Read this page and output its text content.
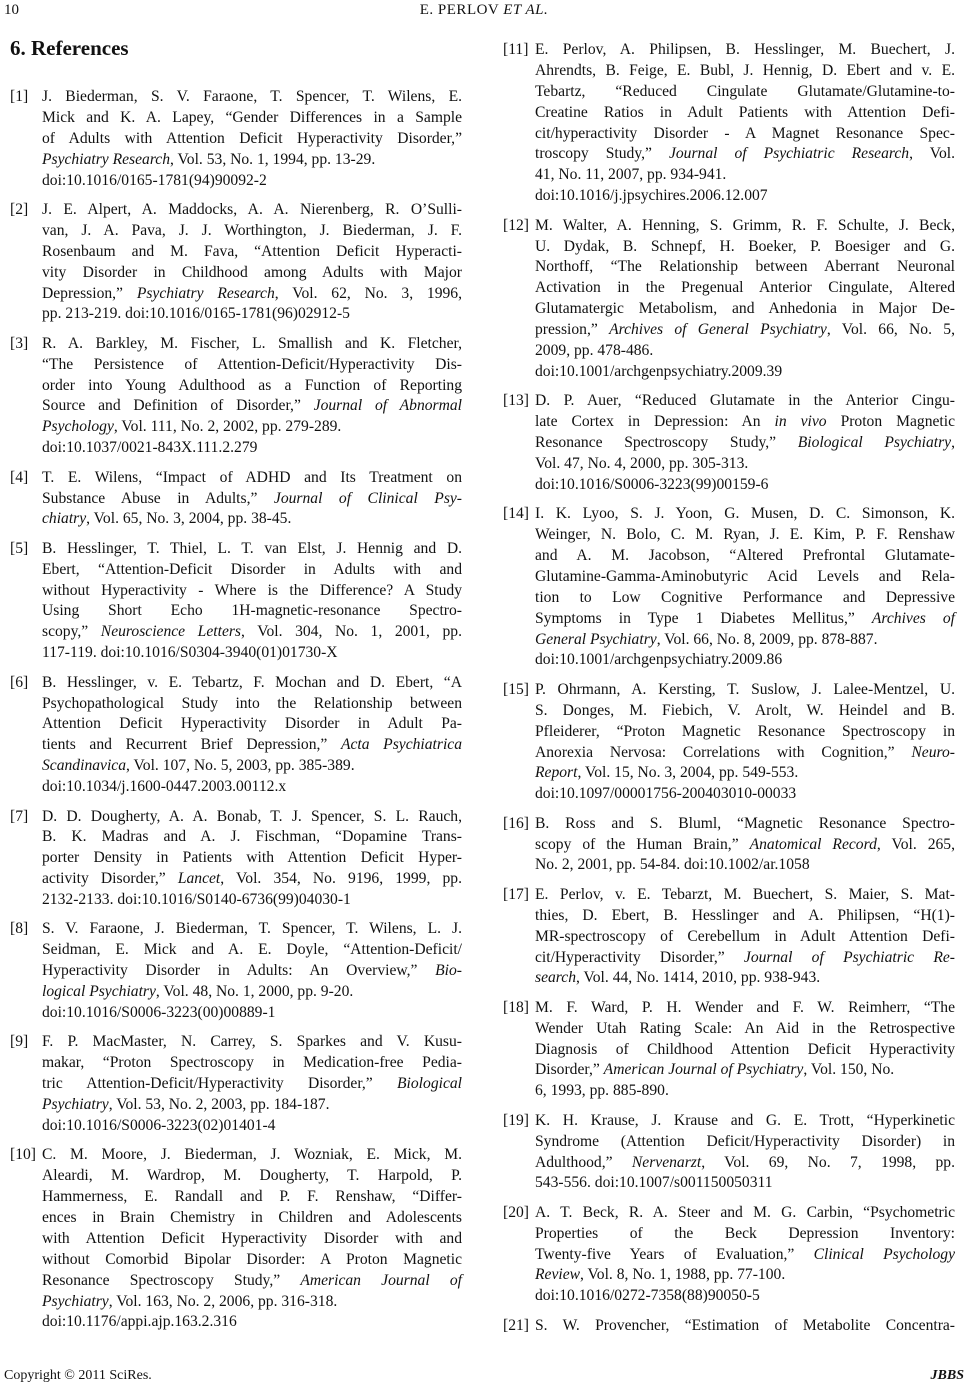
10	E. PERLOV ET AL.
6. References
[1] J. Biederman, S. V. Faraone, T. Spencer, T. Wilens, E.
Mick and K. A. Lapey, “Gender Differences in a Sample
of Adults with Attention Deficit Hyperactivity Disorder,”
Psychiatry Research, Vol. 53, No. 1, 1994, pp. 13-29.
doi:10.1016/0165-1781(94)90092-2
[2] J. E. Alpert, A. Maddocks, A. A. Nierenberg, R. O’Sulli-
van, J. A. Pava, J. J. Worthington, J. Biederman, J. F.
Rosenbaum and M. Fava, “Attention Deficit Hyperacti-
vity Disorder in Childhood among Adults with Major
Depression,” Psychiatry Research, Vol. 62, No. 3, 1996,
pp. 213-219. doi:10.1016/0165-1781(96)02912-5
[3] R. A. Barkley, M. Fischer, L. Smallish and K. Fletcher,
“The Persistence of Attention-Deficit/Hyperactivity Dis-
order into Young Adulthood as a Function of Reporting
Source and Definition of Disorder,” Journal of Abnormal
Psychology, Vol. 111, No. 2, 2002, pp. 279-289.
doi:10.1037/0021-843X.111.2.279
[4] T. E. Wilens, “Impact of ADHD and Its Treatment on
Substance Abuse in Adults,” Journal of Clinical Psy-
chiatry, Vol. 65, No. 3, 2004, pp. 38-45.
[5] B. Hesslinger, T. Thiel, L. T. van Elst, J. Hennig and D.
Ebert, “Attention-Deficit Disorder in Adults with and
without Hyperactivity - Where is the Difference? A Study
Using Short Echo 1H-magnetic-resonance Spectro-
scopy,” Neuroscience Letters, Vol. 304, No. 1, 2001, pp.
117-119. doi:10.1016/S0304-3940(01)01730-X
[6] B. Hesslinger, v. E. Tebartz, F. Mochan and D. Ebert, “A
Psychopathological Study into the Relationship between
Attention Deficit Hyperactivity Disorder in Adult Pa-
tients and Recurrent Brief Depression,” Acta Psychiatrica
Scandinavica, Vol. 107, No. 5, 2003, pp. 385-389.
doi:10.1034/j.1600-0447.2003.00112.x
[7] D. D. Dougherty, A. A. Bonab, T. J. Spencer, S. L. Rauch,
B. K. Madras and A. J. Fischman, “Dopamine Trans-
porter Density in Patients with Attention Deficit Hyper-
activity Disorder,” Lancet, Vol. 354, No. 9196, 1999, pp.
2132-2133. doi:10.1016/S0140-6736(99)04030-1
[8] S. V. Faraone, J. Biederman, T. Spencer, T. Wilens, L. J.
Seidman, E. Mick and A. E. Doyle, “Attention-Deficit/
Hyperactivity Disorder in Adults: An Overview,” Bio-
logical Psychiatry, Vol. 48, No. 1, 2000, pp. 9-20.
doi:10.1016/S0006-3223(00)00889-1
[9] F. P. MacMaster, N. Carrey, S. Sparkes and V. Kusu-
makar, “Proton Spectroscopy in Medication-free Pedia-
tric Attention-Deficit/Hyperactivity Disorder,” Biological
Psychiatry, Vol. 53, No. 2, 2003, pp. 184-187.
doi:10.1016/S0006-3223(02)01401-4
[10] C. M. Moore, J. Biederman, J. Wozniak, E. Mick, M.
Aleardi, M. Wardrop, M. Dougherty, T. Harpold, P.
Hammerness, E. Randall and P. F. Renshaw, “Differ-
ences in Brain Chemistry in Children and Adolescents
with Attention Deficit Hyperactivity Disorder with and
without Comorbid Bipolar Disorder: A Proton Magnetic
Resonance Spectroscopy Study,” American Journal of
Psychiatry, Vol. 163, No. 2, 2006, pp. 316-318.
doi:10.1176/appi.ajp.163.2.316
[11] E. Perlov, A. Philipsen, B. Hesslinger, M. Buechert, J.
Ahrendts, B. Feige, E. Bubl, J. Hennig, D. Ebert and v. E.
Tebartz, “Reduced Cingulate Glutamate/Glutamine-to-
Creatine Ratios in Adult Patients with Attention Defi-
cit/hyperactivity Disorder - A Magnet Resonance Spec-
troscopy Study,” Journal of Psychiatric Research, Vol.
41, No. 11, 2007, pp. 934-941.
doi:10.1016/j.jpsychires.2006.12.007
[12] M. Walter, A. Henning, S. Grimm, R. F. Schulte, J. Beck,
U. Dydak, B. Schnepf, H. Boeker, P. Boesiger and G.
Northoff, “The Relationship between Aberrant Neuronal
Activation in the Pregenual Anterior Cingulate, Altered
Glutamatergic Metabolism, and Anhedonia in Major De-
pression,” Archives of General Psychiatry, Vol. 66, No. 5,
2009, pp. 478-486.
doi:10.1001/archgenpsychiatry.2009.39
[13] D. P. Auer, “Reduced Glutamate in the Anterior Cingu-
late Cortex in Depression: An in vivo Proton Magnetic
Resonance Spectroscopy Study,” Biological Psychiatry,
Vol. 47, No. 4, 2000, pp. 305-313.
doi:10.1016/S0006-3223(99)00159-6
[14] I. K. Lyoo, S. J. Yoon, G. Musen, D. C. Simonson, K.
Weinger, N. Bolo, C. M. Ryan, J. E. Kim, P. F. Renshaw
and A. M. Jacobson, “Altered Prefrontal Glutamate-
Glutamine-Gamma-Aminobutyric Acid Levels and Rela-
tion to Low Cognitive Performance and Depressive
Symptoms in Type 1 Diabetes Mellitus,” Archives of
General Psychiatry, Vol. 66, No. 8, 2009, pp. 878-887.
doi:10.1001/archgenpsychiatry.2009.86
[15] P. Ohrmann, A. Kersting, T. Suslow, J. Lalee-Mentzel, U.
S. Donges, M. Fiebich, V. Arolt, W. Heindel and B.
Pfleiderer, “Proton Magnetic Resonance Spectroscopy in
Anorexia Nervosa: Correlations with Cognition,” Neuro-
Report, Vol. 15, No. 3, 2004, pp. 549-553.
doi:10.1097/00001756-200403010-00033
[16] B. Ross and S. Bluml, “Magnetic Resonance Spectro-
scopy of the Human Brain,” Anatomical Record, Vol. 265,
No. 2, 2001, pp. 54-84. doi:10.1002/ar.1058
[17] E. Perlov, v. E. Tebarzt, M. Buechert, S. Maier, S. Mat-
thies, D. Ebert, B. Hesslinger and A. Philipsen, “H(1)-
MR-spectroscopy of Cerebellum in Adult Attention Defi-
cit/Hyperactivity Disorder,” Journal of Psychiatric Re-
search, Vol. 44, No. 1414, 2010, pp. 938-943.
[18] M. F. Ward, P. H. Wender and F. W. Reimherr, “The
Wender Utah Rating Scale: An Aid in the Retrospective
Diagnosis of Childhood Attention Deficit Hyperactivity
Disorder,” American Journal of Psychiatry, Vol. 150, No.
6, 1993, pp. 885-890.
[19] K. H. Krause, J. Krause and G. E. Trott, “Hyperkinetic
Syndrome (Attention Deficit/Hyperactivity Disorder) in
Adulthood,” Nervenarzt, Vol. 69, No. 7, 1998, pp.
543-556. doi:10.1007/s001150050311
[20] A. T. Beck, R. A. Steer and M. G. Carbin, “Psychometric
Properties of the Beck Depression Inventory:
Twenty-five Years of Evaluation,” Clinical Psychology
Review, Vol. 8, No. 1, 1988, pp. 77-100.
doi:10.1016/0272-7358(88)90050-5
[21] S. W. Provencher, “Estimation of Metabolite Concentra-
Copyright © 2011 SciRes.	JBBS
